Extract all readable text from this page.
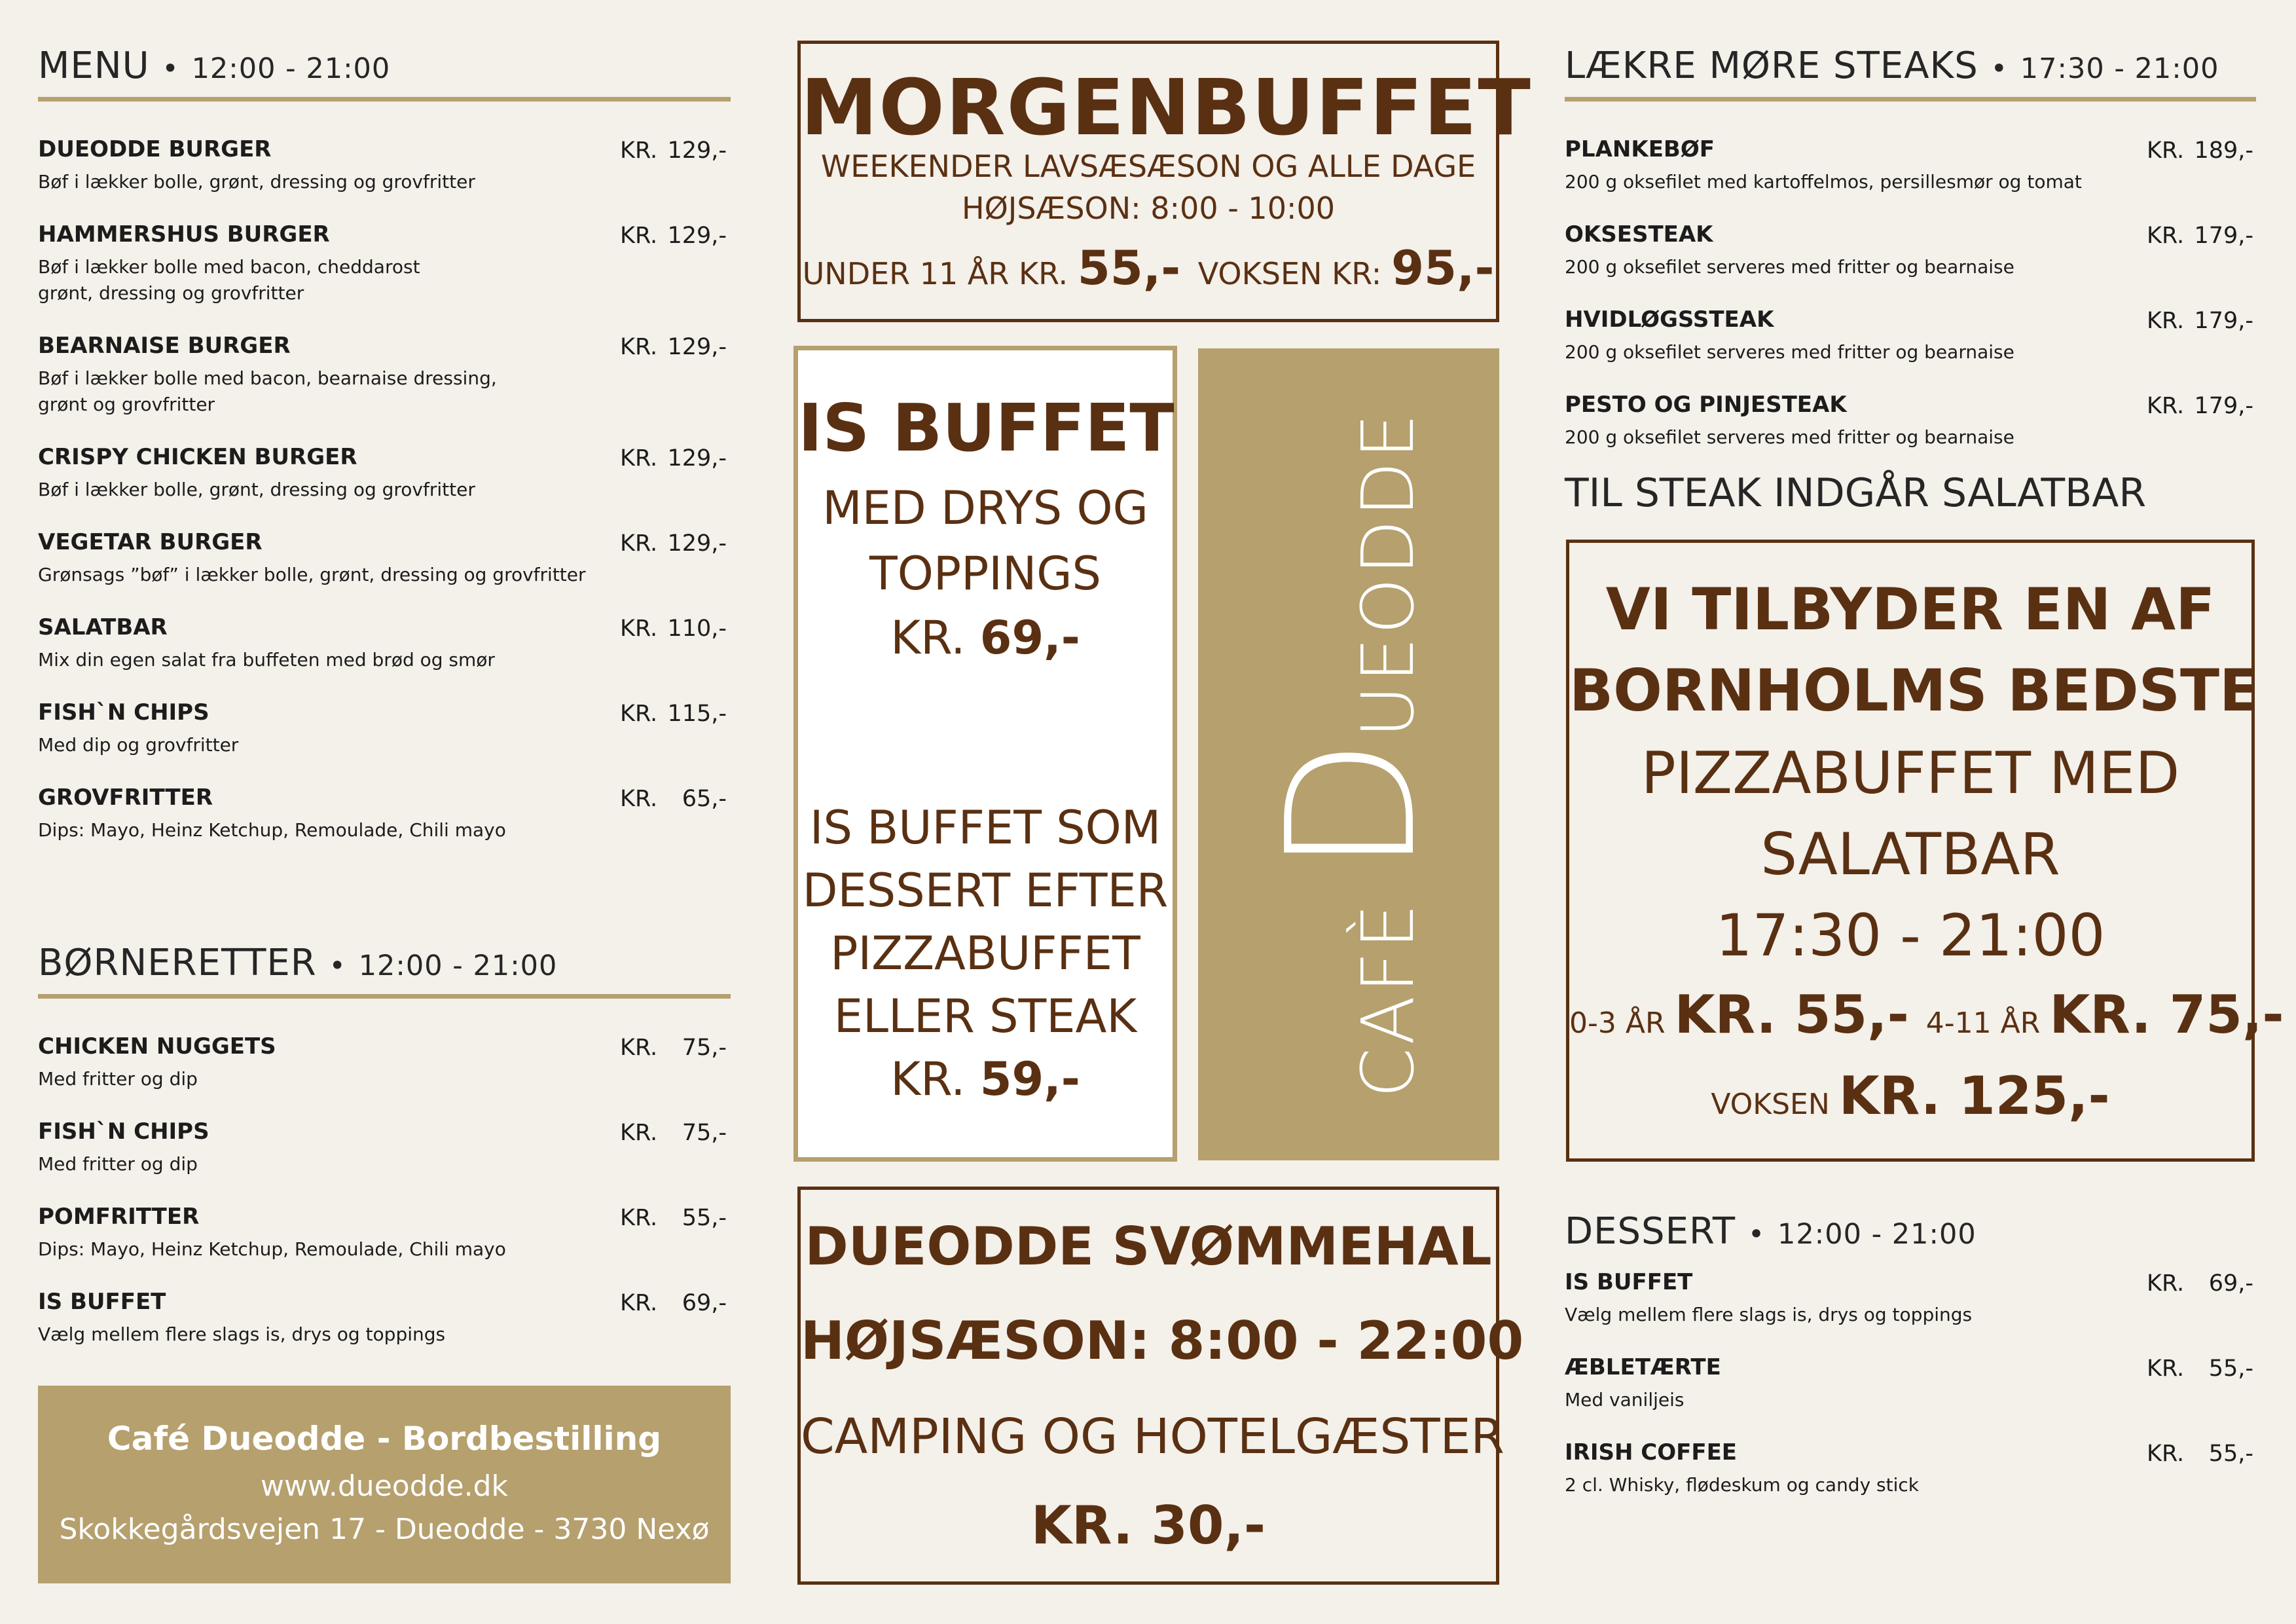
MENU • 12:00 - 21:00
DUEODDE BURGER
Bøf i lækker bolle, grønt, dressing og grovfritter
KR. 129,-
HAMMERSHUS BURGER
Bøf i lækker bolle med bacon, cheddarost
grønt, dressing og grovfritter
KR. 129,-
BEARNAISE BURGER
Bøf i lækker bolle med bacon, bearnaise dressing,
grønt og grovfritter
KR. 129,-
CRISPY CHICKEN BURGER
Bøf i lækker bolle, grønt, dressing og grovfritter
KR. 129,-
VEGETAR BURGER
Grønsags ”bøf” i lækker bolle, grønt, dressing og grovfritter
KR. 129,-
SALATBAR
Mix din egen salat fra buffeten med brød og smør
KR. 110,-
FISH`N CHIPS
Med dip og grovfritter
KR. 115,-
GROVFRITTER
Dips: Mayo, Heinz Ketchup, Remoulade, Chili mayo
KR.	65,-
BØRNERETTER • 12:00 - 21:00
CHICKEN NUGGETS
Med fritter og dip
KR.	75,-
FISH`N CHIPS
Med fritter og dip
KR.	75,-
POMFRITTER
Dips: Mayo, Heinz Ketchup, Remoulade, Chili mayo
KR.	55,-
IS BUFFET
Vælg mellem flere slags is, drys og toppings
KR.	69,-
Café Dueodde - Bordbestilling
www.dueodde.dk
Skokkegårdsvejen 17 - Dueodde - 3730 Nexø
MORGENBUFFET
WEEKENDER LAVSÆSÆSON OG ALLE DAGE
HØJSÆSON: 8:00 - 10:00
UNDER 11 ÅR KR. 55,- VOKSEN KR: 95,-
IS BUFFET
MED DRYS OG
TOPPINGS
KR. 69,-
IS BUFFET SOM
DESSERT EFTER
PIZZABUFFET
ELLER STEAK
KR. 59,-	CAFÈ DUEODDE
DUEODDE SVØMMEHAL
HØJSÆSON: 8:00 - 22:00
CAMPING OG HOTELGÆSTER
KR. 30,-
LÆKRE MØRE STEAKS • 17:30 - 21:00
PLANKEBØF
200 g oksefilet med kartoffelmos, persillesmør og tomat
KR. 189,-
OKSESTEAK
200 g oksefilet serveres med fritter og bearnaise
KR. 179,-
HVIDLØGSSTEAK
200 g oksefilet serveres med fritter og bearnaise
KR. 179,-
PESTO OG PINJESTEAK
200 g oksefilet serveres med fritter og bearnaise
KR. 179,-
TIL STEAK INDGÅR SALATBAR
VI TILBYDER EN AF
BORNHOLMS BEDSTE
PIZZABUFFET MED
SALATBAR
17:30 - 21:00
0-3 ÅR KR. 55,- 4-11 ÅR KR. 75,-
VOKSEN KR. 125,-
DESSERT • 12:00 - 21:00
IS BUFFET
Vælg mellem flere slags is, drys og toppings
KR.	69,-
ÆBLETÆRTE
Med vaniljeis
KR.	55,-
IRISH COFFEE
2 cl. Whisky, flødeskum og candy stick
KR.	55,-
